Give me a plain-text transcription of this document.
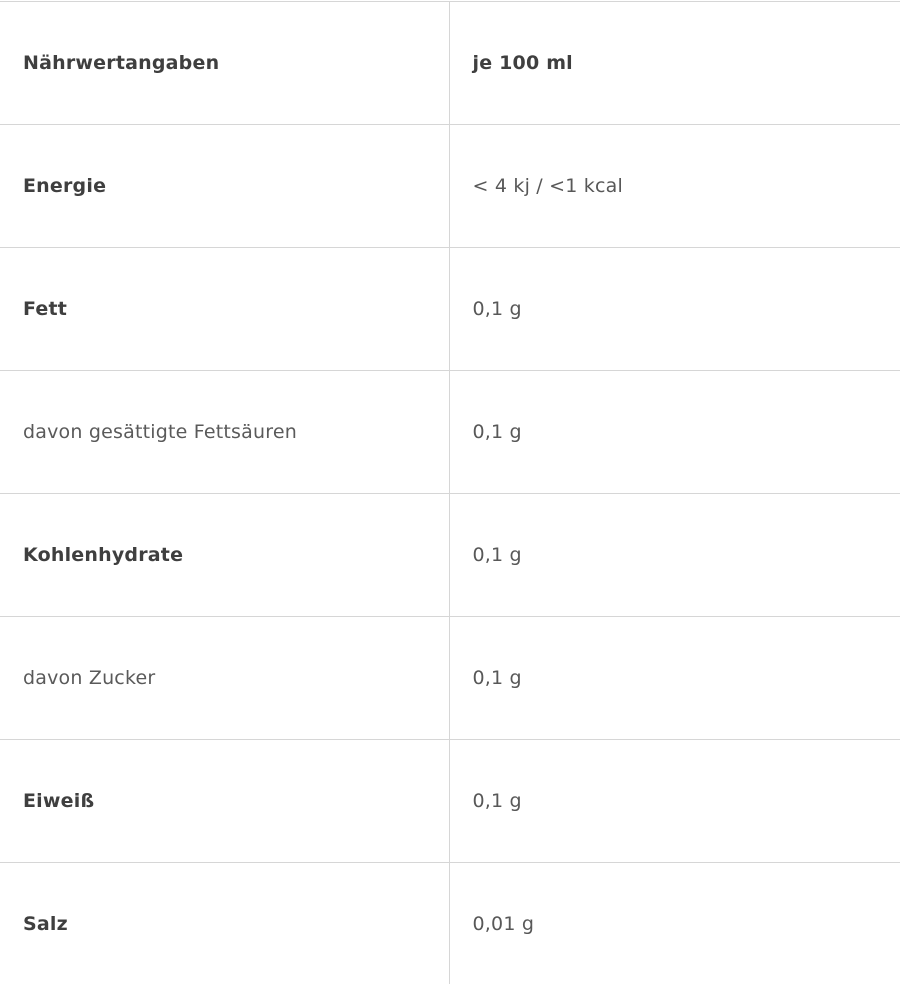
Nährwertangaben	je 100 ml
Energie	< 4 kj / <1 kcal
Fett	0,1 g
davon gesättigte Fettsäuren	0,1 g
Kohlenhydrate	0,1 g
davon Zucker	0,1 g
Eiweiß	0,1 g
Salz	0,01 g
